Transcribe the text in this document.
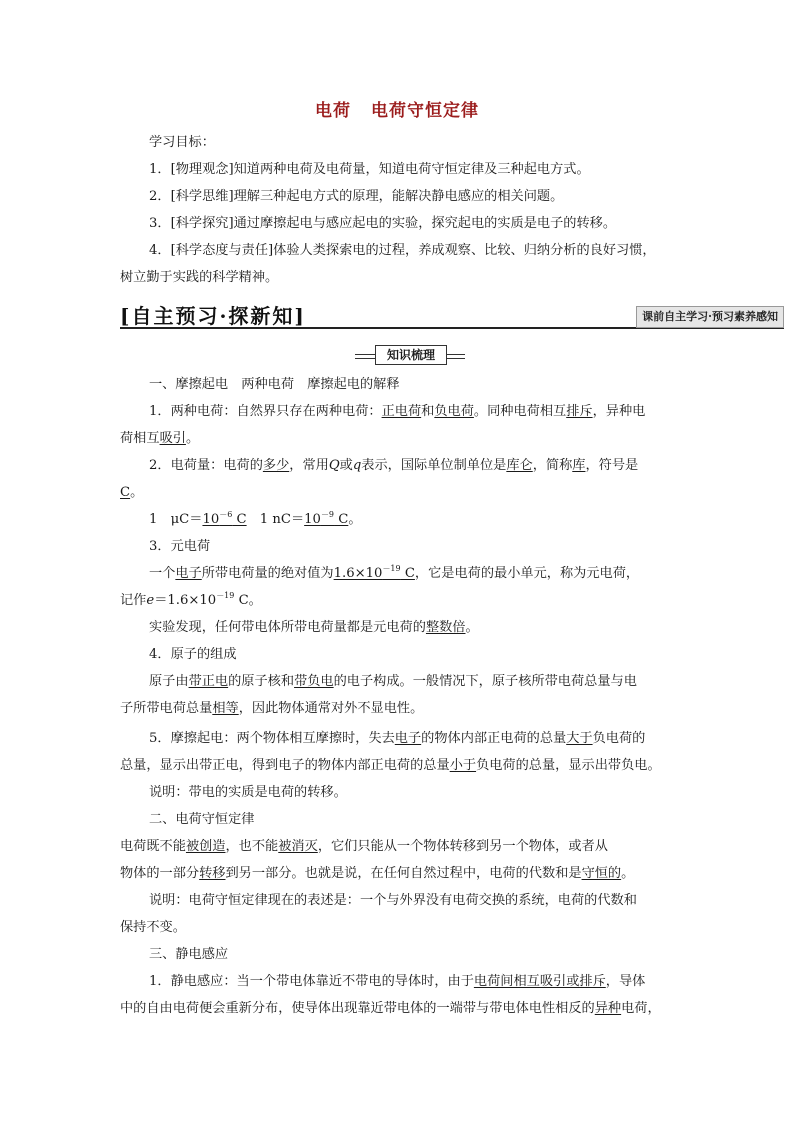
电荷 电荷守恒定律
学习目标：
1．[物理观念]知道两种电荷及电荷量，知道电荷守恒定律及三种起电方式。
2．[科学思维]理解三种起电方式的原理，能解决静电感应的相关问题。
3．[科学探究]通过摩擦起电与感应起电的实验，探究起电的实质是电子的转移。
4．[科学态度与责任]体验人类探索电的过程，养成观察、比较、归纳分析的良好习惯，
树立勤于实践的科学精神。
[自主预习·探新知]	课前自主学习·预习素养感知
知识梳理
一、摩擦起电　两种电荷　摩擦起电的解释
1．两种电荷：自然界只存在两种电荷：正电荷和负电荷。同种电荷相互排斥，异种电
荷相互吸引。
2．电荷量：电荷的多少，常用Q或q表示，国际单位制单位是库仑，简称库，符号是
C。
1　$\mu C=10^{-6}$ C　1 $nC=10^{-9}$ C。
3．元电荷
一个电子所带电荷量的绝对值为$1.6\times 10^{-19}$ C，它是电荷的最小单元，称为元电荷，
记作$e=1.6\times 10^{-19}$ C。
实验发现，任何带电体所带电荷量都是元电荷的整数倍。
4．原子的组成
原子由带正电的原子核和带负电的电子构成。一般情况下，原子核所带电荷总量与电
子所带电荷总量相等，因此物体通常对外不显电性。
5．摩擦起电：两个物体相互摩擦时，失去电子的物体内部正电荷的总量大于负电荷的
总量，显示出带正电，得到电子的物体内部正电荷的总量小于负电荷的总量，显示出带负电。
说明：带电的实质是电荷的转移。
二、电荷守恒定律
电荷既不能被创造，也不能被消灭，它们只能从一个物体转移到另一个物体，或者从
物体的一部分转移到另一部分。也就是说，在任何自然过程中，电荷的代数和是守恒的。
说明：电荷守恒定律现在的表述是：一个与外界没有电荷交换的系统，电荷的代数和
保持不变。
三、静电感应
1．静电感应：当一个带电体靠近不带电的导体时，由于电荷间相互吸引或排斥，导体
中的自由电荷便会重新分布，使导体出现靠近带电体的一端带与带电体电性相反的异种电荷，
